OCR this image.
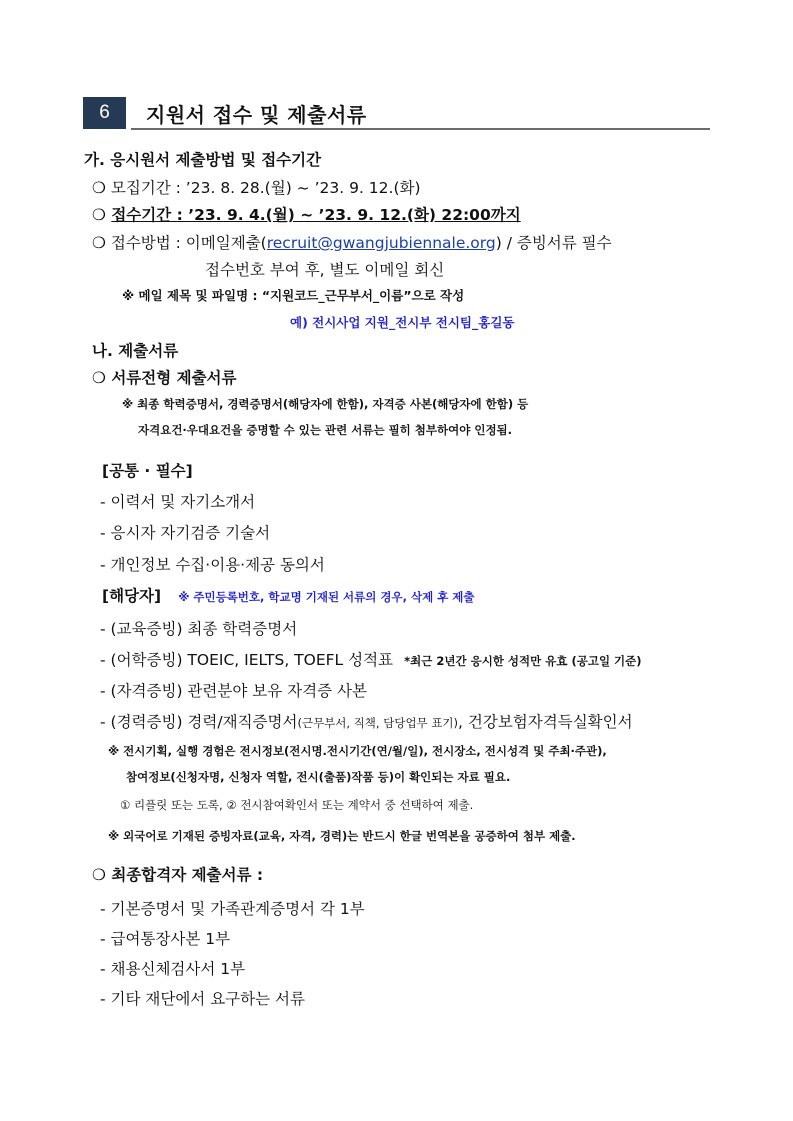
6	지원서 접수 및 제출서류
가. 응시원서 제출방법 및 접수기간
❍ 모집기간 : ’23. 8. 28.(월) ~ ’23. 9. 12.(화)
❍ 접수기간 : ’23. 9. 4.(월) ~ ’23. 9. 12.(화) 22:00까지
❍ 접수방법 : 이메일제출(recruit@gwangjubiennale.org) / 증빙서류 필수
접수번호 부여 후, 별도 이메일 회신
※ 메일 제목 및 파일명 : “지원코드_근무부서_이름”으로 작성
예) 전시사업 지원_전시부 전시팀_홍길동
나. 제출서류
❍ 서류전형 제출서류
※ 최종 학력증명서, 경력증명서(해당자에 한함), 자격증 사본(해당자에 한함) 등
자격요건·우대요건을 증명할 수 있는 관련 서류는 필히 첨부하여야 인정됨.
[공통 · 필수]
- 이력서 및 자기소개서
- 응시자 자기검증 기술서
- 개인정보 수집·이용·제공 동의서
[해당자] ※ 주민등록번호, 학교명 기재된 서류의 경우, 삭제 후 제출
- (교육증빙) 최종 학력증명서
- (어학증빙) TOEIC, IELTS, TOEFL 성적표 *최근 2년간 응시한 성적만 유효 (공고일 기준)
- (자격증빙) 관련분야 보유 자격증 사본
- (경력증빙) 경력/재직증명서(근무부서, 직책, 담당업무 표기), 건강보험자격득실확인서
※ 전시기획, 실행 경험은 전시정보(전시명.전시기간(연/월/일), 전시장소, 전시성격 및 주최·주관),
참여정보(신청자명, 신청자 역할, 전시(출품)작품 등)이 확인되는 자료 필요.
① 리플릿 또는 도록, ② 전시참여확인서 또는 계약서 중 선택하여 제출.
※ 외국어로 기재된 증빙자료(교육, 자격, 경력)는 반드시 한글 번역본을 공증하여 첨부 제출.
❍ 최종합격자 제출서류 :
- 기본증명서 및 가족관계증명서 각 1부
- 급여통장사본 1부
- 채용신체검사서 1부
- 기타 재단에서 요구하는 서류
